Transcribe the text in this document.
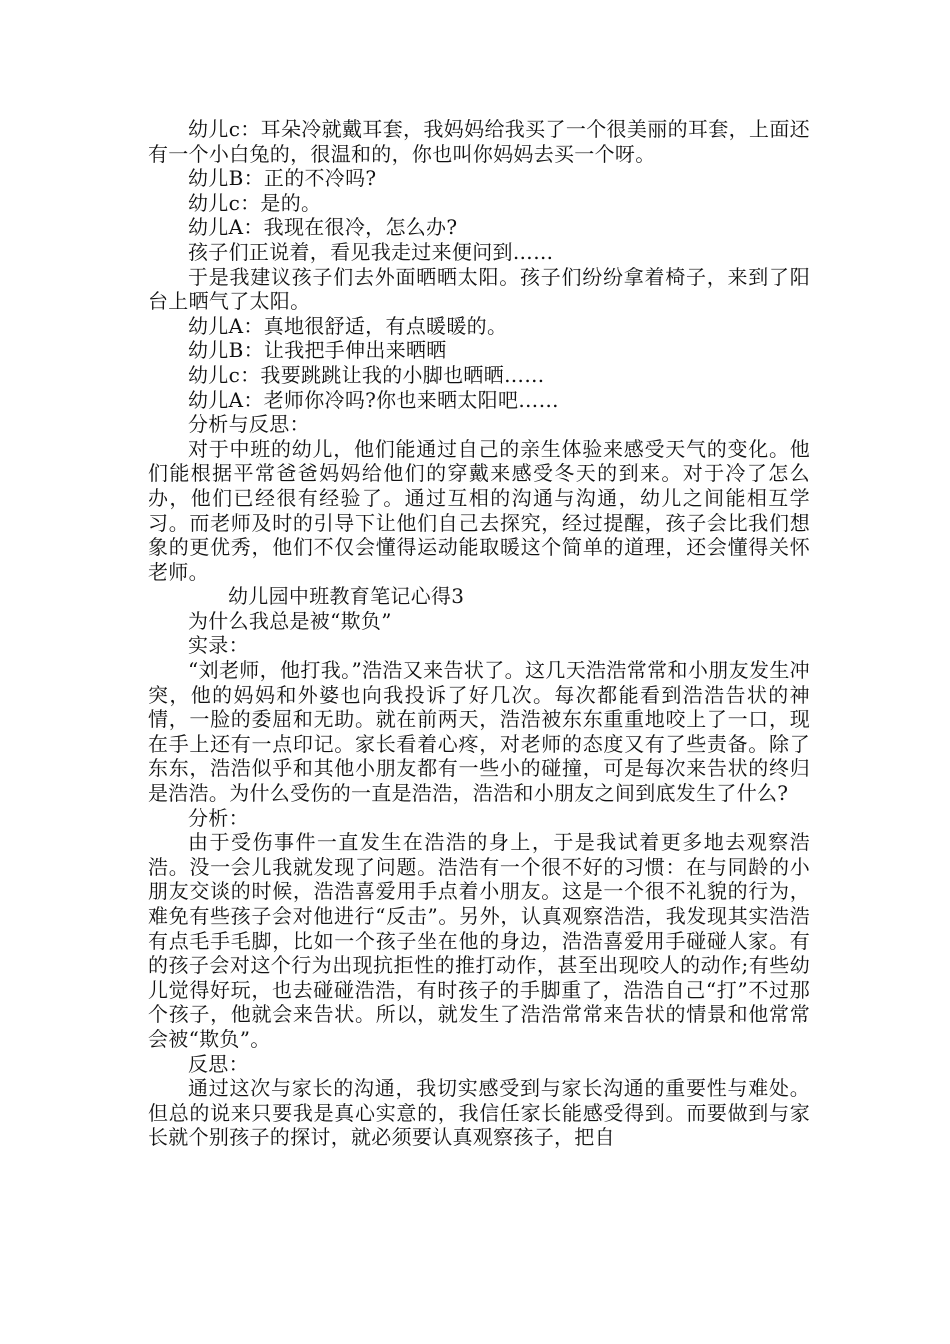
幼儿c：耳朵冷就戴耳套，我妈妈给我买了一个很美丽的耳套，上面还有一个小白兔的，很温和的，你也叫你妈妈去买一个呀。

幼儿B：正的不冷吗?

幼儿c：是的。

幼儿A：我现在很冷，怎么办?

孩子们正说着，看见我走过来便问到……

于是我建议孩子们去外面晒晒太阳。孩子们纷纷拿着椅子，来到了阳台上晒气了太阳。

幼儿A：真地很舒适，有点暖暖的。

幼儿B：让我把手伸出来晒晒

幼儿c：我要跳跳让我的小脚也晒晒……

幼儿A：老师你冷吗?你也来晒太阳吧……

分析与反思：

对于中班的幼儿，他们能通过自己的亲生体验来感受天气的变化。他们能根据平常爸爸妈妈给他们的穿戴来感受冬天的到来。对于冷了怎么办，他们已经很有经验了。通过互相的沟通与沟通，幼儿之间能相互学习。而老师及时的引导下让他们自己去探究，经过提醒，孩子会比我们想象的更优秀，他们不仅会懂得运动能取暖这个简单的道理，还会懂得关怀老师。

幼儿园中班教育笔记心得3

为什么我总是被“欺负”

实录：

“刘老师，他打我。”浩浩又来告状了。这几天浩浩常常和小朋友发生冲突，他的妈妈和外婆也向我投诉了好几次。每次都能看到浩浩告状的神情，一脸的委屈和无助。就在前两天，浩浩被东东重重地咬上了一口，现在手上还有一点印记。家长看着心疼，对老师的态度又有了些责备。除了东东，浩浩似乎和其他小朋友都有一些小的碰撞，可是每次来告状的终归是浩浩。为什么受伤的一直是浩浩，浩浩和小朋友之间到底发生了什么?

分析：

由于受伤事件一直发生在浩浩的身上，于是我试着更多地去观察浩浩。没一会儿我就发现了问题。浩浩有一个很不好的习惯：在与同龄的小朋友交谈的时候，浩浩喜爱用手点着小朋友。这是一个很不礼貌的行为，难免有些孩子会对他进行“反击”。另外，认真观察浩浩，我发现其实浩浩有点毛手毛脚，比如一个孩子坐在他的身边，浩浩喜爱用手碰碰人家。有的孩子会对这个行为出现抗拒性的推打动作，甚至出现咬人的动作;有些幼儿觉得好玩，也去碰碰浩浩，有时孩子的手脚重了，浩浩自己“打”不过那个孩子，他就会来告状。所以，就发生了浩浩常常来告状的情景和他常常会被“欺负”。

反思：

通过这次与家长的沟通，我切实感受到与家长沟通的重要性与难处。但总的说来只要我是真心实意的，我信任家长能感受得到。而要做到与家长就个别孩子的探讨，就必须要认真观察孩子，把自
